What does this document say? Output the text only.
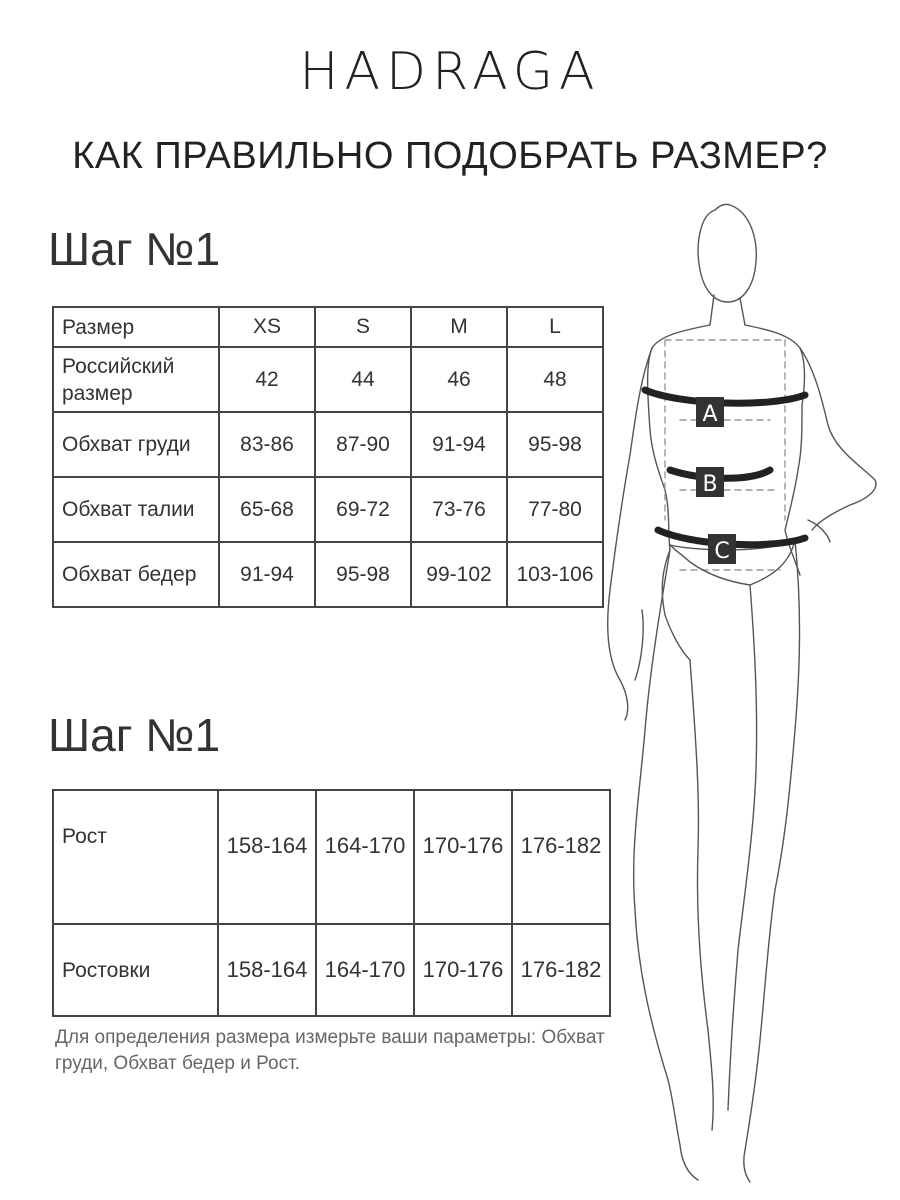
HADRAGA
КАК ПРАВИЛЬНО ПОДОБРАТЬ РАЗМЕР?
Шаг №1
Размер	XS	S	M	L
Российский размер	42	44	46	48
Обхват груди	83-86	87-90	91-94	95-98
Обхват талии	65-68	69-72	73-76	77-80
Обхват бедер	91-94	95-98	99-102	103-106
Шаг №1
Рост	158-164	164-170	170-176	176-182
Ростовки	158-164	164-170	170-176	176-182
Для определения размера измерьте ваши параметры: Обхват груди, Обхват бедер и Рост.
A
B
C
